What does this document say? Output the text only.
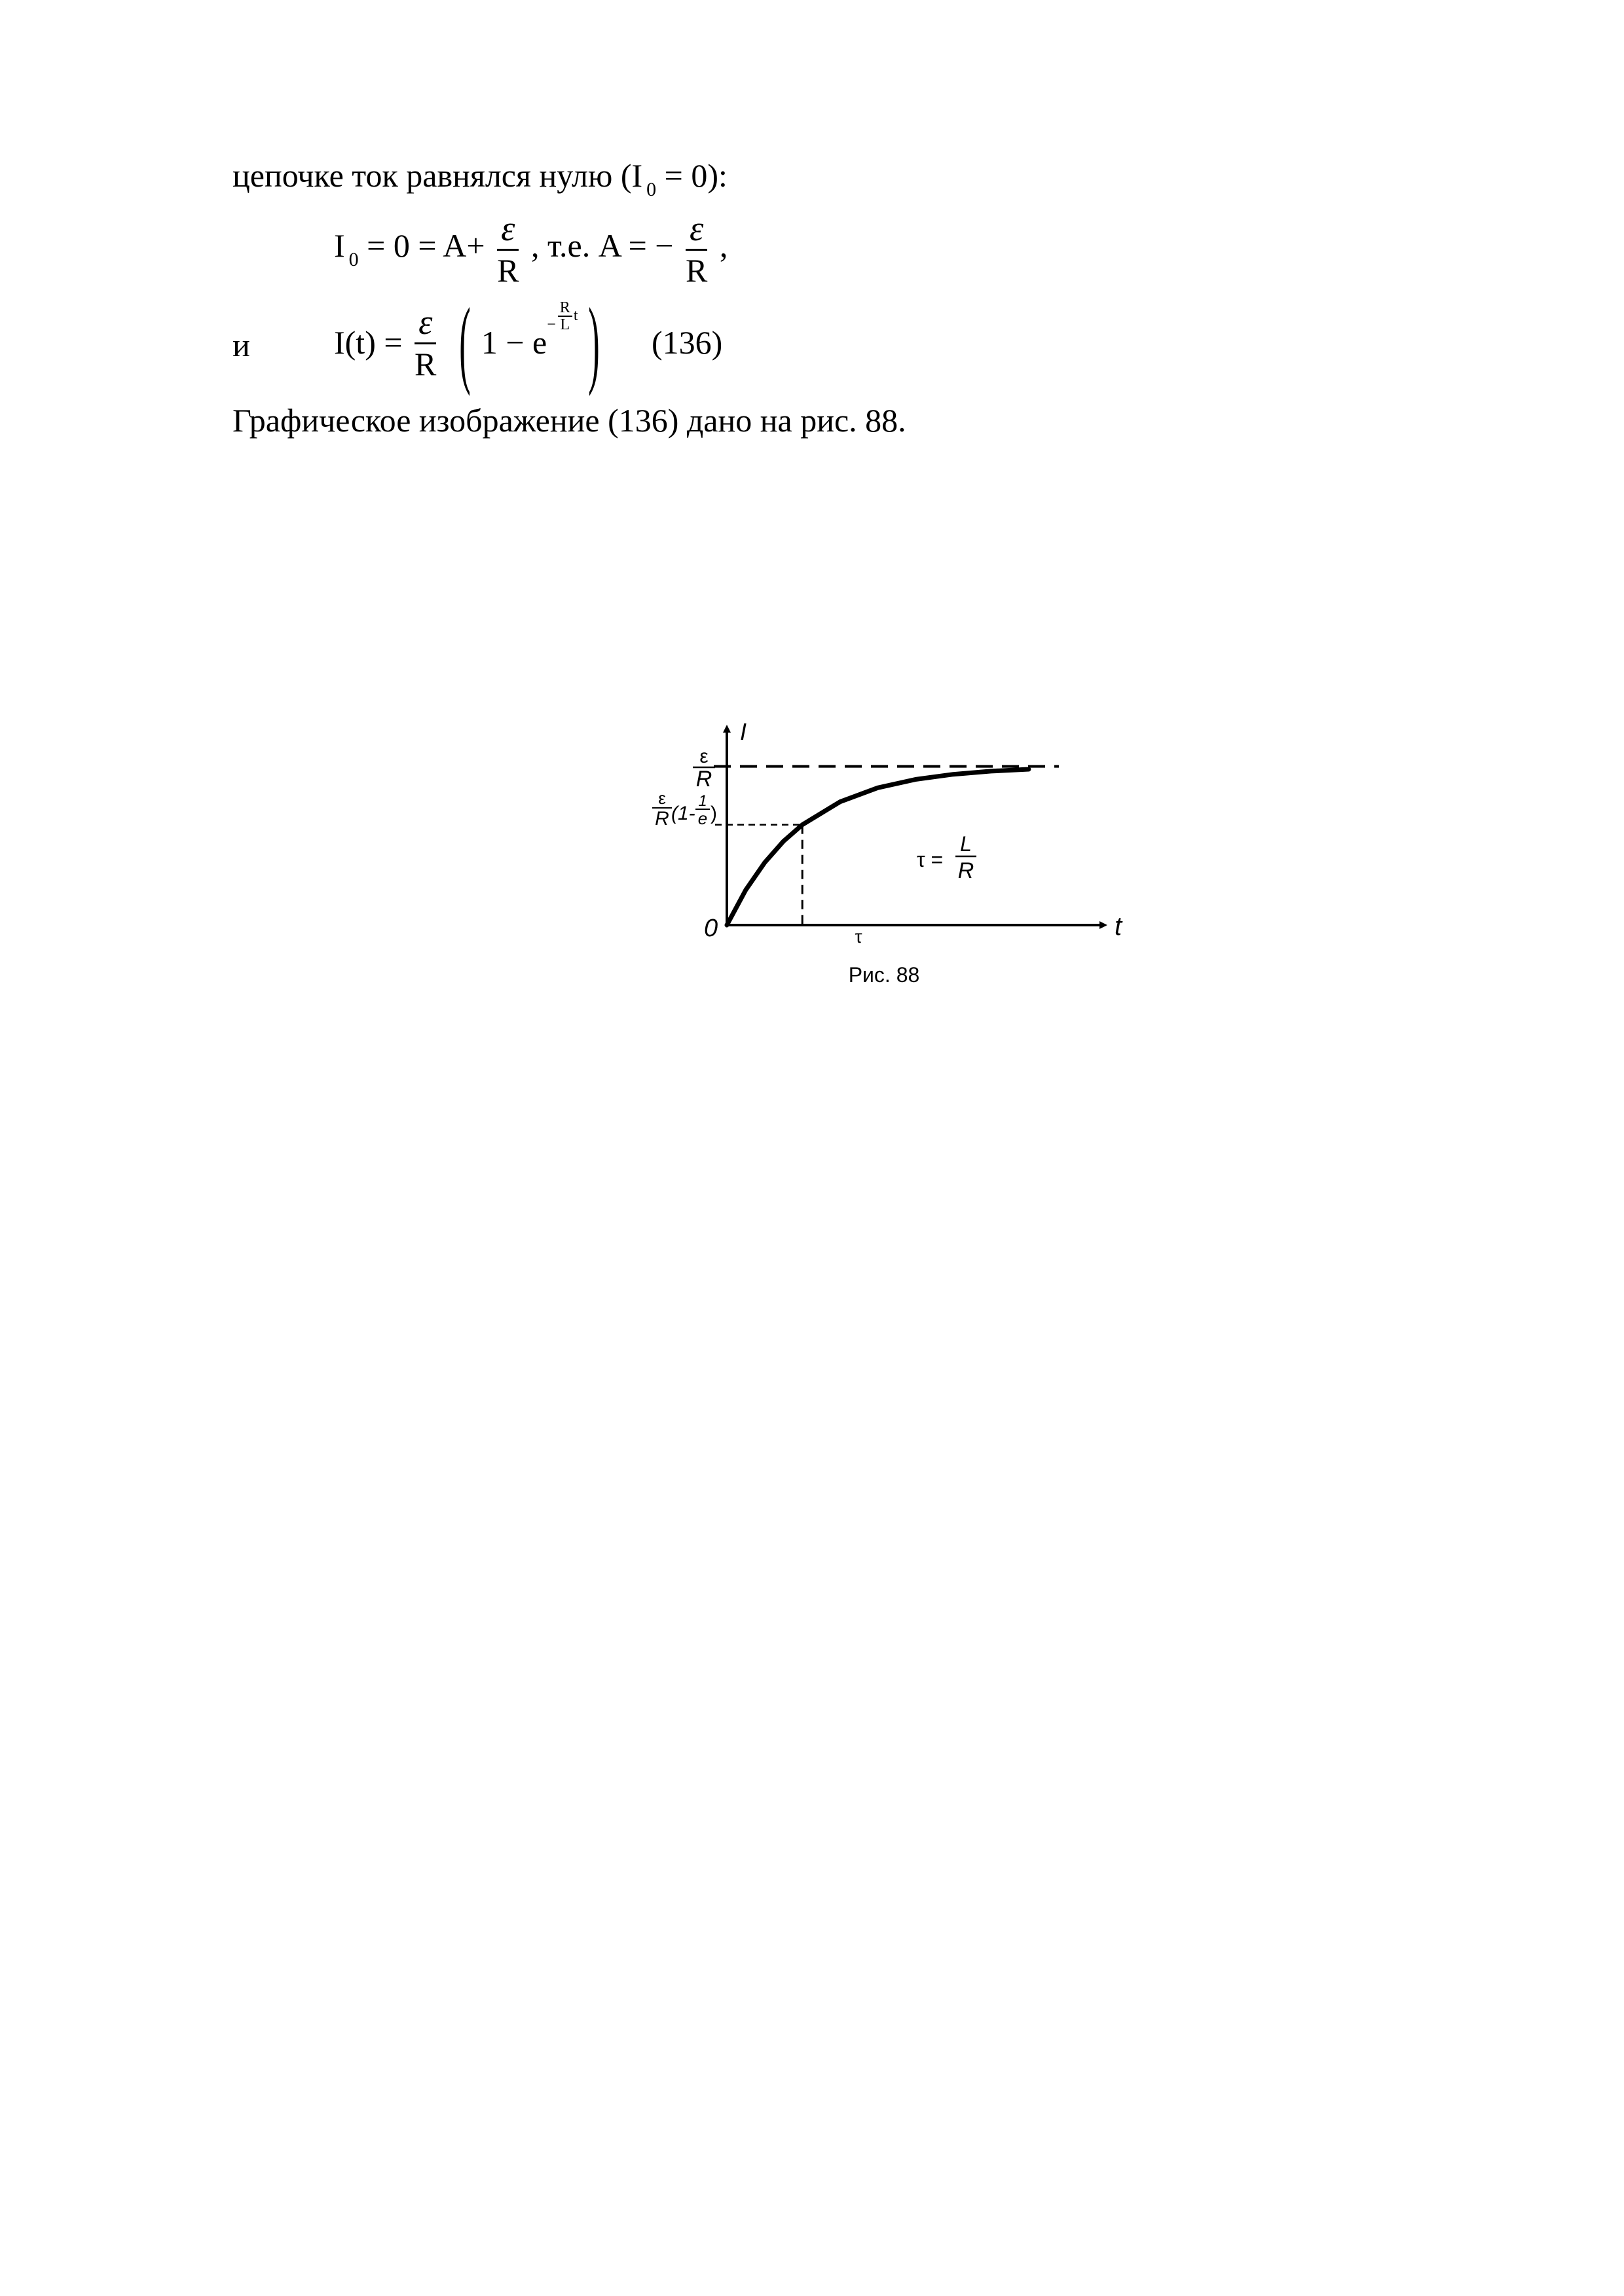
цепочке ток равнялся нулю (I $_0$ = 0):
I $_0 = 0 = A+ \frac{\varepsilon}{R}$ , т.е. A = − $\frac{\varepsilon}{R}$ ,
и	$I(t) = \frac{\varepsilon}{R}$ ( $1 - e- \frac{R}{L}$ t ) (136)
Графическое изображение (136) дано на рис. 88.
I
t
0
ε
R
ε
R (1-
1
e )
τ
τ =
L
R
Рис. 88
